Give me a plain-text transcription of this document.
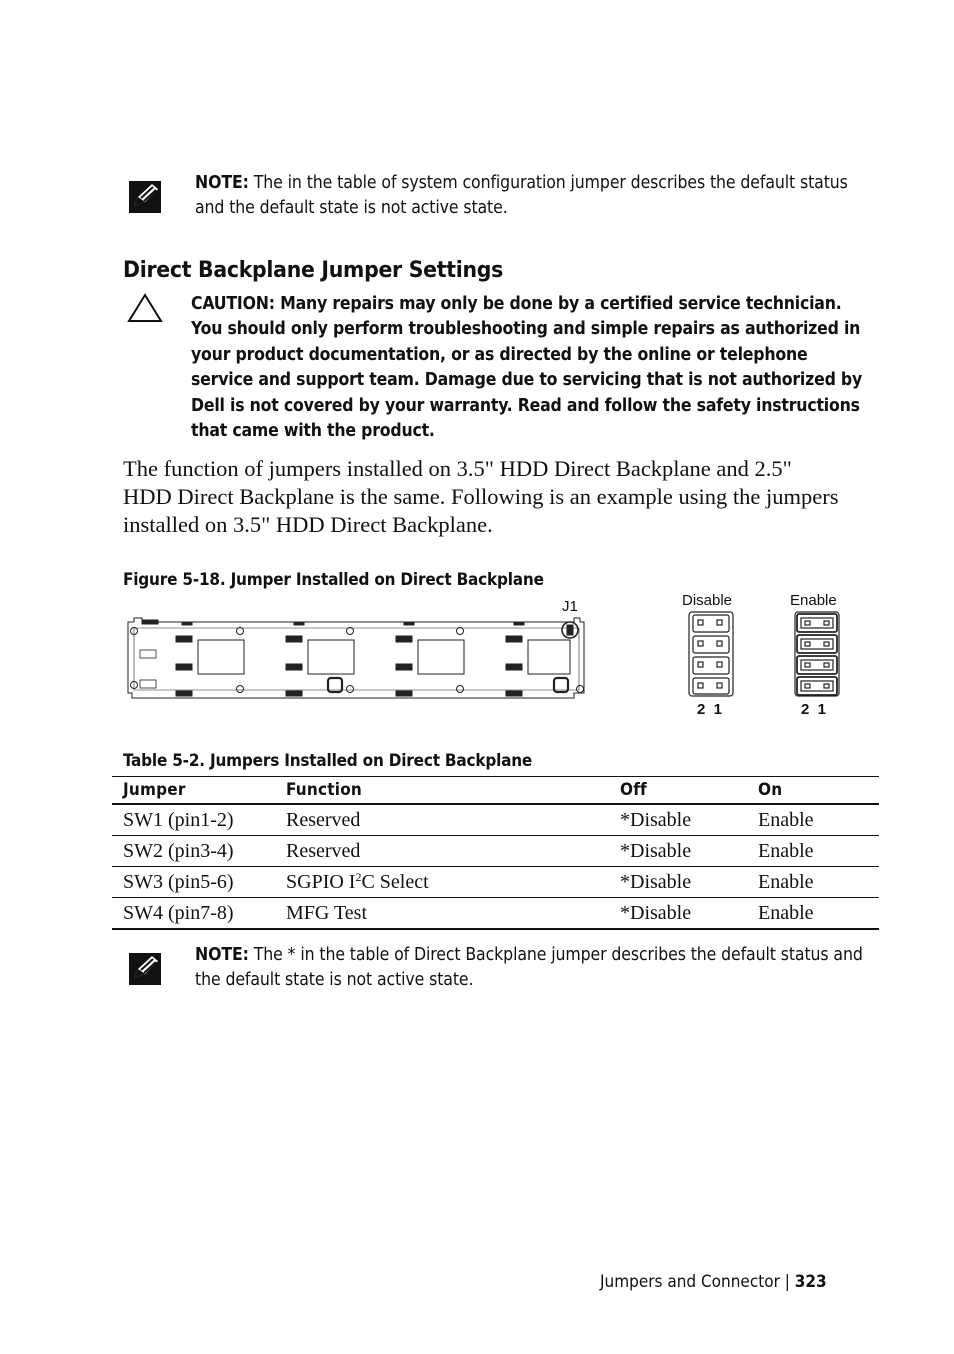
NOTE: The in the table of system configuration jumper describes the default status and the default state is not active state.
Direct Backplane Jumper Settings
CAUTION: Many repairs may only be done by a certified service technician. You should only perform troubleshooting and simple repairs as authorized in your product documentation, or as directed by the online or telephone service and support team. Damage due to servicing that is not authorized by Dell is not covered by your warranty. Read and follow the safety instructions that came with the product.
The function of jumpers installed on 3.5" HDD Direct Backplane and 2.5" HDD Direct Backplane is the same. Following is an example using the jumpers installed on 3.5" HDD Direct Backplane.
Figure 5-18. Jumper Installed on Direct Backplane
J1	Disable	Enable
2  1	2  1
Table 5-2. Jumpers Installed on Direct Backplane
Jumper	Function	Off	On
SW1 (pin1-2)	Reserved	*Disable	Enable
SW2 (pin3-4)	Reserved	*Disable	Enable
SW3 (pin5-6)	SGPIO $I^2C$ Select	*Disable	Enable
SW4 (pin7-8)	MFG Test	*Disable	Enable
NOTE: The * in the table of Direct Backplane jumper describes the default status and the default state is not active state.
Jumpers and Connector | 323
